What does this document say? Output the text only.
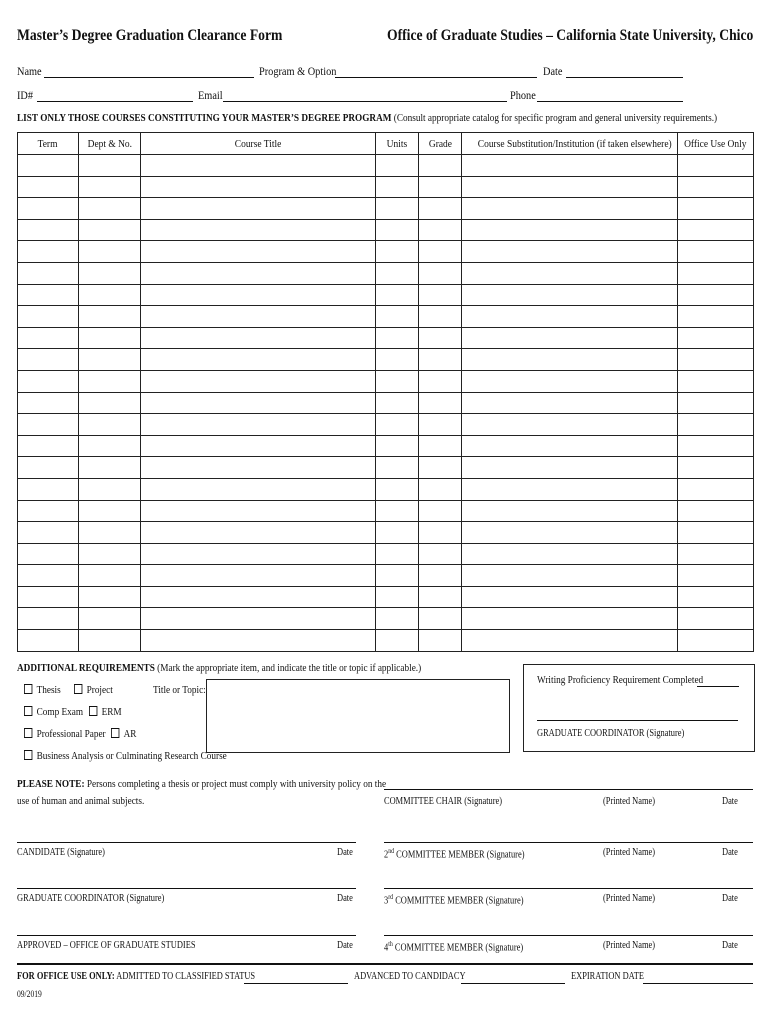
Master’s Degree Graduation Clearance Form	Office of Graduate Studies – California State University, Chico
Name	Program & Option	Date
ID#	Email	Phone
LIST ONLY THOSE COURSES CONSTITUTING YOUR MASTER’S DEGREE PROGRAM (Consult appropriate catalog for specific program and general university requirements.)
Term	Dept & No.	Course Title	Units	Grade	Course Substitution/Institution (if taken elsewhere)	Office Use Only

ADDITIONAL REQUIREMENTS (Mark the appropriate item, and indicate the title or topic if applicable.)
Thesis	Project	Title or Topic:
Comp Exam	ERM
Professional Paper	AR
Business Analysis or Culminating Research Course
Writing Proficiency Requirement Completed
GRADUATE COORDINATOR (Signature)
PLEASE NOTE: Persons completing a thesis or project must comply with university policy on the
use of human and animal subjects.
CANDIDATE (Signature)	Date
GRADUATE COORDINATOR (Signature)	Date
APPROVED – OFFICE OF GRADUATE STUDIES	Date
COMMITTEE CHAIR (Signature)	(Printed Name)	Date
2nd COMMITTEE MEMBER (Signature)	(Printed Name)	Date
3rd COMMITTEE MEMBER (Signature)	(Printed Name)	Date
4th COMMITTEE MEMBER (Signature)	(Printed Name)	Date
FOR OFFICE USE ONLY: ADMITTED TO CLASSIFIED STATUS	ADVANCED TO CANDIDACY	EXPIRATION DATE
09/2019
